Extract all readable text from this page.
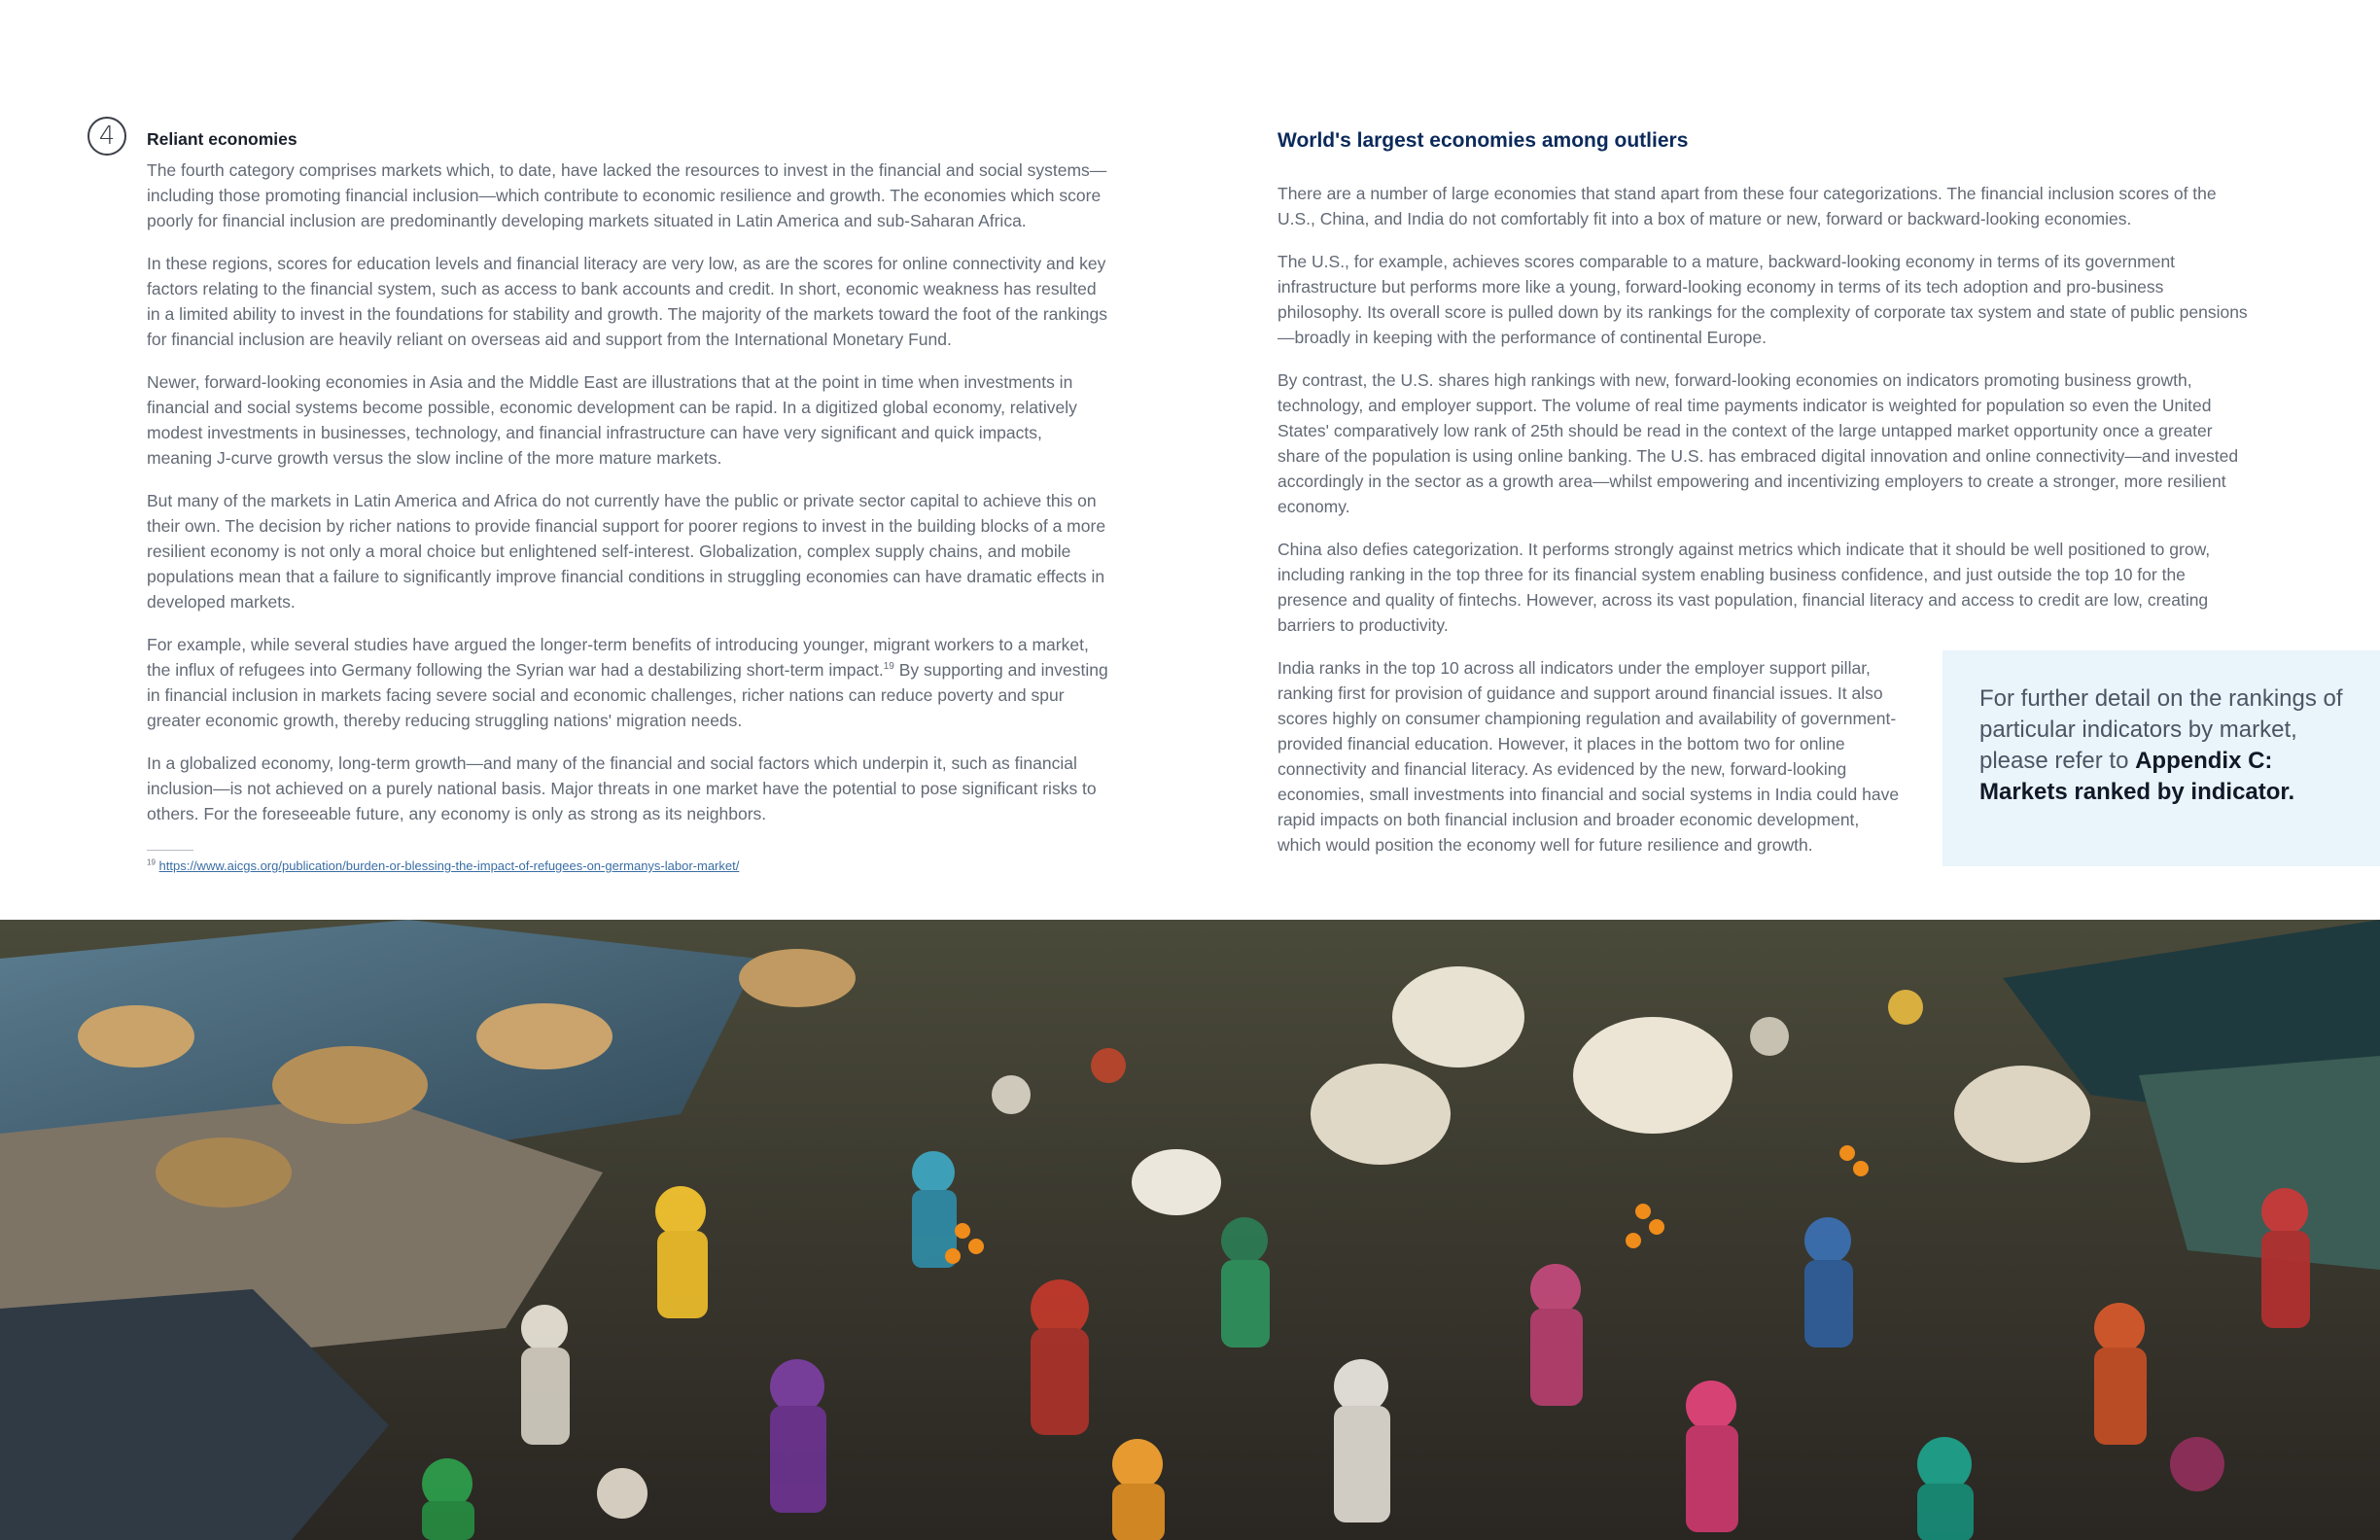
4 Reliant economies

The fourth category comprises markets which, to date, have lacked the resources to invest in the financial and social systems—including those promoting financial inclusion—which contribute to economic resilience and growth. The economies which score poorly for financial inclusion are predominantly developing markets situated in Latin America and sub-Saharan Africa.

In these regions, scores for education levels and financial literacy are very low, as are the scores for online connectivity and key factors relating to the financial system, such as access to bank accounts and credit. In short, economic weakness has resulted in a limited ability to invest in the foundations for stability and growth. The majority of the markets toward the foot of the rankings for financial inclusion are heavily reliant on overseas aid and support from the International Monetary Fund.

Newer, forward-looking economies in Asia and the Middle East are illustrations that at the point in time when investments in financial and social systems become possible, economic development can be rapid. In a digitized global economy, relatively modest investments in businesses, technology, and financial infrastructure can have very significant and quick impacts, meaning J-curve growth versus the slow incline of the more mature markets.

But many of the markets in Latin America and Africa do not currently have the public or private sector capital to achieve this on their own. The decision by richer nations to provide financial support for poorer regions to invest in the building blocks of a more resilient economy is not only a moral choice but enlightened self-interest. Globalization, complex supply chains, and mobile populations mean that a failure to significantly improve financial conditions in struggling economies can have dramatic effects in developed markets.

For example, while several studies have argued the longer-term benefits of introducing younger, migrant workers to a market, the influx of refugees into Germany following the Syrian war had a destabilizing short-term impact.$^{19}$ By supporting and investing in financial inclusion in markets facing severe social and economic challenges, richer nations can reduce poverty and spur greater economic growth, thereby reducing struggling nations' migration needs.

In a globalized economy, long-term growth—and many of the financial and social factors which underpin it, such as financial inclusion—is not achieved on a purely national basis. Major threats in one market have the potential to pose significant risks to others. For the foreseeable future, any economy is only as strong as its neighbors.

$^{19}$ https://www.aicgs.org/publication/burden-or-blessing-the-impact-of-refugees-on-germanys-labor-market/
World's largest economies among outliers

There are a number of large economies that stand apart from these four categorizations. The financial inclusion scores of the U.S., China, and India do not comfortably fit into a box of mature or new, forward or backward-looking economies.

The U.S., for example, achieves scores comparable to a mature, backward-looking economy in terms of its government infrastructure but performs more like a young, forward-looking economy in terms of its tech adoption and pro-business philosophy. Its overall score is pulled down by its rankings for the complexity of corporate tax system and state of public pensions—broadly in keeping with the performance of continental Europe.

By contrast, the U.S. shares high rankings with new, forward-looking economies on indicators promoting business growth, technology, and employer support. The volume of real time payments indicator is weighted for population so even the United States' comparatively low rank of 25th should be read in the context of the large untapped market opportunity once a greater share of the population is using online banking. The U.S. has embraced digital innovation and online connectivity—and invested accordingly in the sector as a growth area—whilst empowering and incentivizing employers to create a stronger, more resilient economy.

China also defies categorization. It performs strongly against metrics which indicate that it should be well positioned to grow, including ranking in the top three for its financial system enabling business confidence, and just outside the top 10 for the presence and quality of fintechs. However, across its vast population, financial literacy and access to credit are low, creating barriers to productivity.

India ranks in the top 10 across all indicators under the employer support pillar, ranking first for provision of guidance and support around financial issues. It also scores highly on consumer championing regulation and availability of government-provided financial education. However, it places in the bottom two for online connectivity and financial literacy. As evidenced by the new, forward-looking economies, small investments into financial and social systems in India could have rapid impacts on both financial inclusion and broader economic development, which would position the economy well for future resilience and growth.
For further detail on the rankings of particular indicators by market, please refer to Appendix C: Markets ranked by indicator.
